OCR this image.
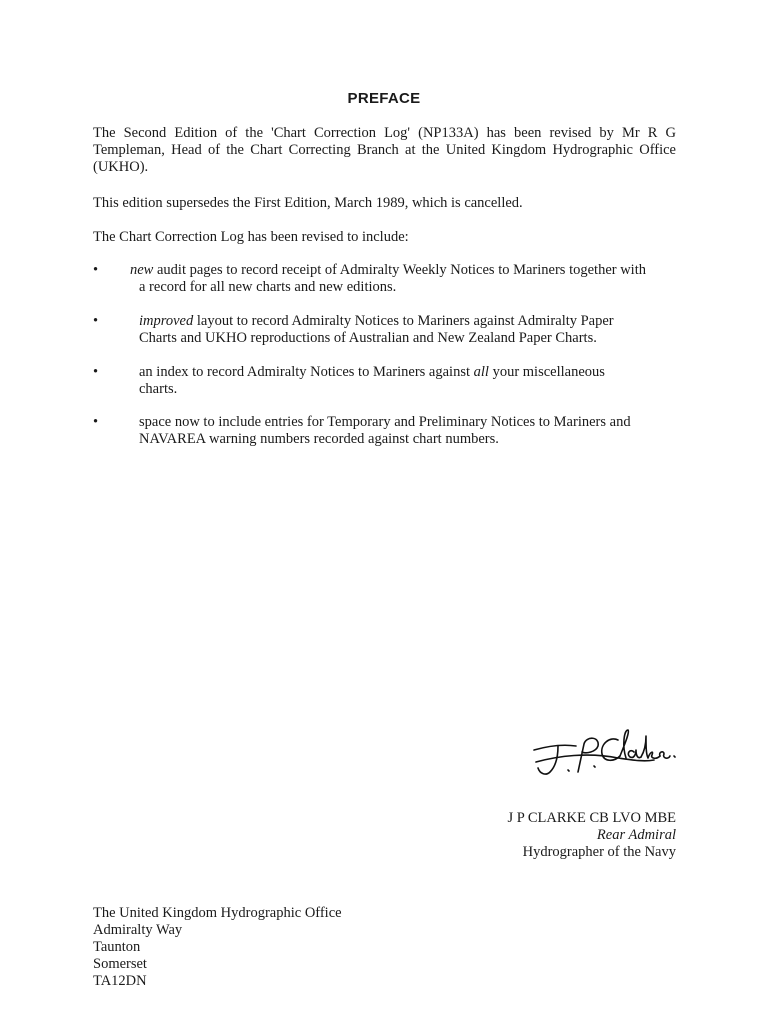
PREFACE

The Second Edition of the 'Chart Correction Log' (NP133A) has been revised by Mr R G Templeman, Head of the Chart Correcting Branch at the United Kingdom Hydrographic Office (UKHO).

This edition supersedes the First Edition, March 1989, which is cancelled.

The Chart Correction Log has been revised to include:

• new audit pages to record receipt of Admiralty Weekly Notices to Mariners together with
a record for all new charts and new editions.
•	improved layout to record Admiralty Notices to Mariners against Admiralty Paper
Charts and UKHO reproductions of Australian and New Zealand Paper Charts.
•	an index to record Admiralty Notices to Mariners against all your miscellaneous
charts.
•	space now to include entries for Temporary and Preliminary Notices to Mariners and
NAVAREA warning numbers recorded against chart numbers.
J P CLARKE CB LVO MBE
Rear Admiral
Hydrographer of the Navy
The United Kingdom Hydrographic Office
Admiralty Way
Taunton
Somerset
TA12DN
